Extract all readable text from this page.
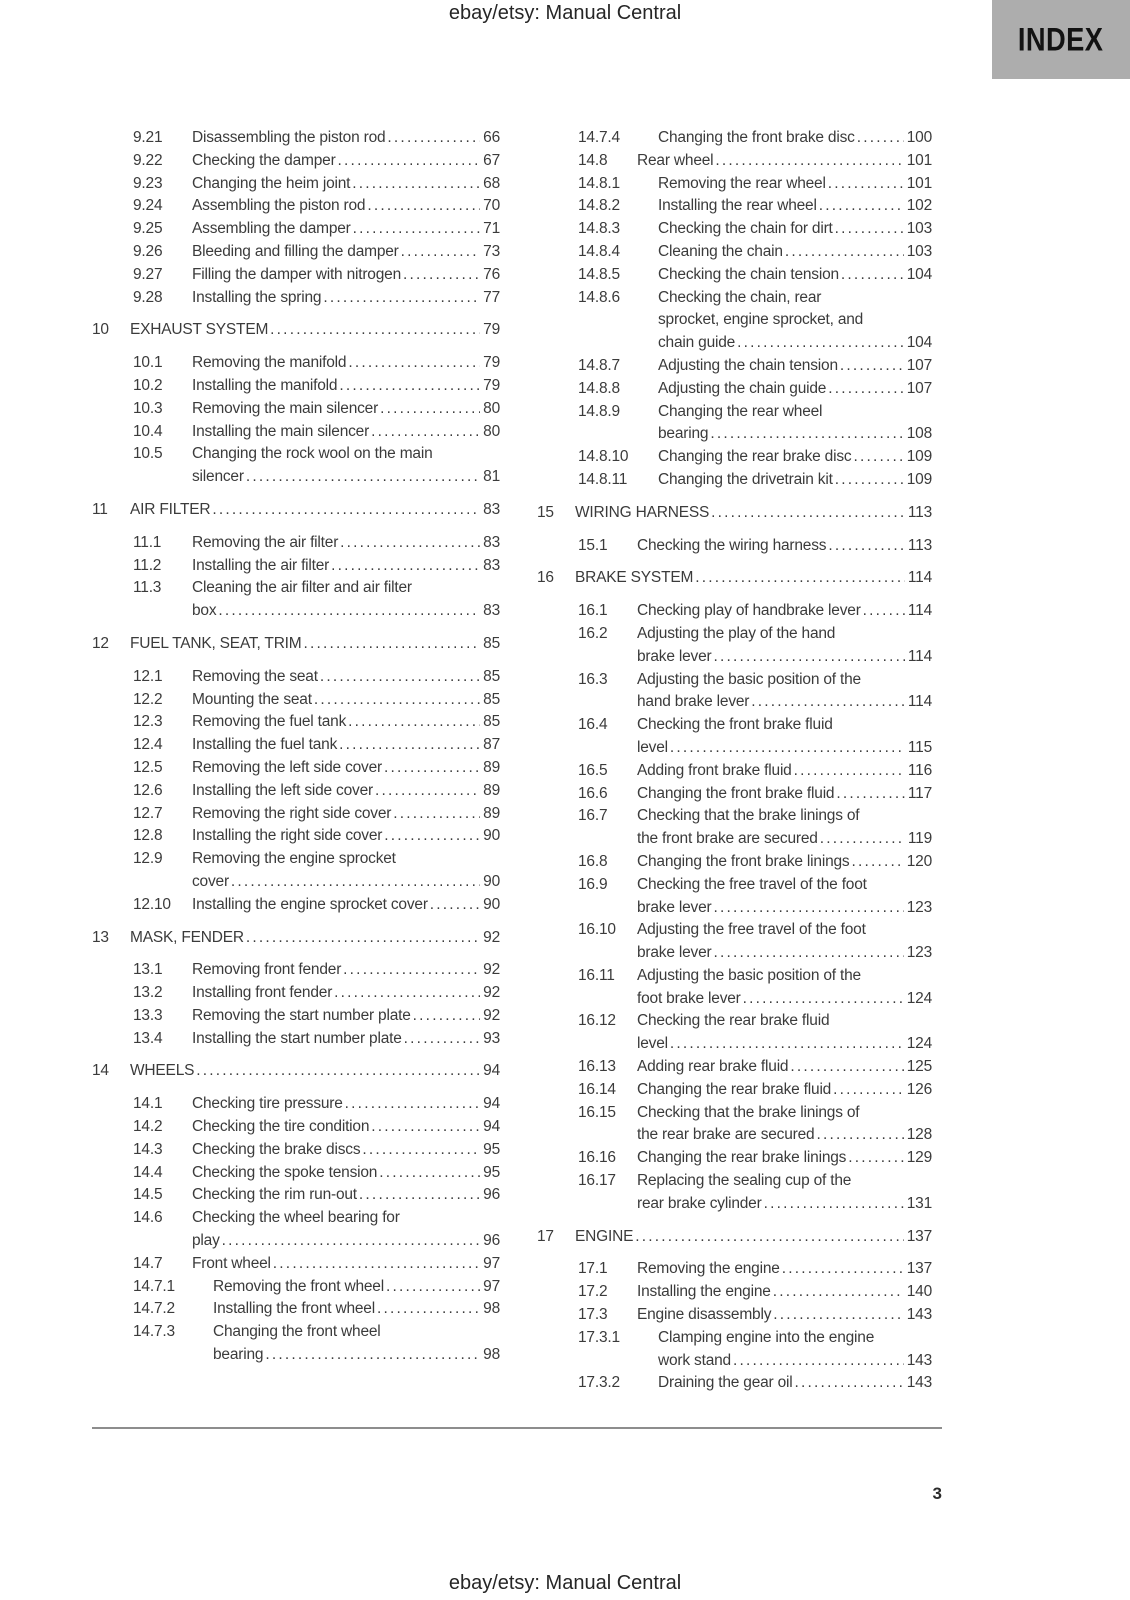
ebay/etsy: Manual Central
INDEX
9.21 Disassembling the piston rod .....	66
9.22 Checking the damper .....	67
9.23 Changing the heim joint .....	68
9.24 Assembling the piston rod .....	70
9.25 Assembling the damper .....	71
9.26 Bleeding and filling the damper .....	73
9.27 Filling the damper with nitrogen .....	76
9.28 Installing the spring .....	77
10 EXHAUST SYSTEM .....	79
10.1 Removing the manifold .....	79
10.2 Installing the manifold .....	79
10.3 Removing the main silencer .....	80
10.4 Installing the main silencer .....	80
10.5 Changing the rock wool on the main
silencer .....	81
11 AIR FILTER .....	83
11.1 Removing the air filter .....	83
11.2 Installing the air filter .....	83
11.3 Cleaning the air filter and air filter
box .....	83
12 FUEL TANK, SEAT, TRIM .....	85
12.1 Removing the seat .....	85
12.2 Mounting the seat .....	85
12.3 Removing the fuel tank .....	85
12.4 Installing the fuel tank .....	87
12.5 Removing the left side cover .....	89
12.6 Installing the left side cover .....	89
12.7 Removing the right side cover .....	89
12.8 Installing the right side cover .....	90
12.9 Removing the engine sprocket
cover .....	90
12.10 Installing the engine sprocket cover .....	90
13 MASK, FENDER .....	92
13.1 Removing front fender .....	92
13.2 Installing front fender .....	92
13.3 Removing the start number plate .....	92
13.4 Installing the start number plate .....	93
14 WHEELS .....	94
14.1 Checking tire pressure .....	94
14.2 Checking the tire condition .....	94
14.3 Checking the brake discs .....	95
14.4 Checking the spoke tension .....	95
14.5 Checking the rim run-out .....	96
14.6 Checking the wheel bearing for
play .....	96
14.7 Front wheel .....	97
14.7.1 Removing the front wheel .....	97
14.7.2 Installing the front wheel .....	98
14.7.3 Changing the front wheel
bearing .....	98
14.7.4 Changing the front brake disc .....	100
14.8 Rear wheel .....	101
14.8.1 Removing the rear wheel .....	101
14.8.2 Installing the rear wheel .....	102
14.8.3 Checking the chain for dirt .....	103
14.8.4 Cleaning the chain .....	103
14.8.5 Checking the chain tension .....	104
14.8.6 Checking the chain, rear
sprocket, engine sprocket, and
chain guide .....	104
14.8.7 Adjusting the chain tension .....	107
14.8.8 Adjusting the chain guide .....	107
14.8.9 Changing the rear wheel
bearing .....	108
14.8.10 Changing the rear brake disc .....	109
14.8.11 Changing the drivetrain kit .....	109
15 WIRING HARNESS .....	113
15.1 Checking the wiring harness .....	113
16 BRAKE SYSTEM .....	114
16.1 Checking play of handbrake lever .....	114
16.2 Adjusting the play of the hand
brake lever .....	114
16.3 Adjusting the basic position of the
hand brake lever .....	114
16.4 Checking the front brake fluid
level .....	115
16.5 Adding front brake fluid .....	116
16.6 Changing the front brake fluid .....	117
16.7 Checking that the brake linings of
the front brake are secured .....	119
16.8 Changing the front brake linings .....	120
16.9 Checking the free travel of the foot
brake lever .....	123
16.10 Adjusting the free travel of the foot
brake lever .....	123
16.11 Adjusting the basic position of the
foot brake lever .....	124
16.12 Checking the rear brake fluid
level .....	124
16.13 Adding rear brake fluid .....	125
16.14 Changing the rear brake fluid .....	126
16.15 Checking that the brake linings of
the rear brake are secured .....	128
16.16 Changing the rear brake linings .....	129
16.17 Replacing the sealing cup of the
rear brake cylinder .....	131
17 ENGINE .....	137
17.1 Removing the engine .....	137
17.2 Installing the engine .....	140
17.3 Engine disassembly .....	143
17.3.1 Clamping engine into the engine
work stand .....	143
17.3.2 Draining the gear oil .....	143
3
ebay/etsy: Manual Central
